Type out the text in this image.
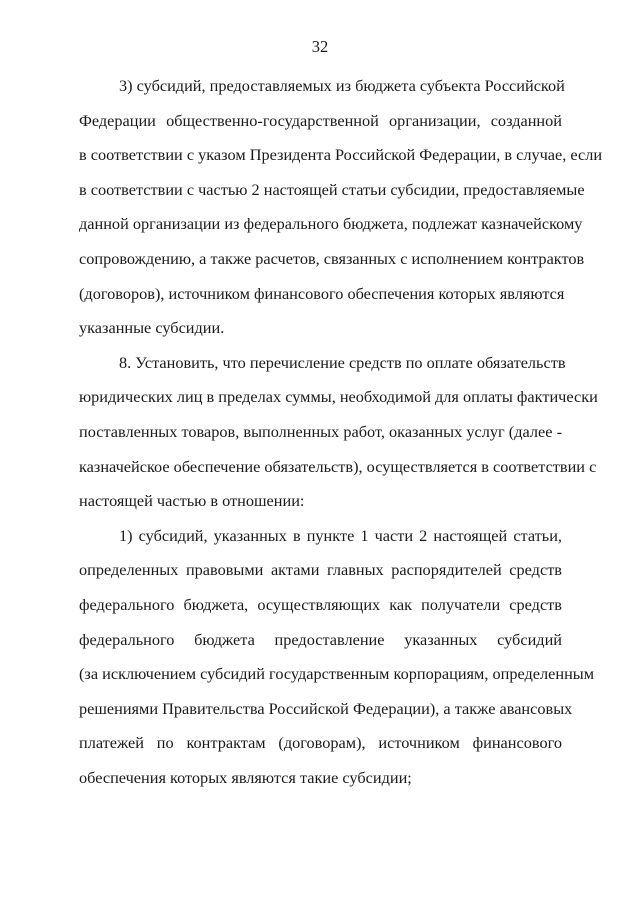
32
3) субсидий, предоставляемых из бюджета субъекта Российской
Федерации общественно-государственной организации, созданной
в соответствии с указом Президента Российской Федерации, в случае, если
в соответствии с частью 2 настоящей статьи субсидии, предоставляемые
данной организации из федерального бюджета, подлежат казначейскому
сопровождению, а также расчетов, связанных с исполнением контрактов
(договоров), источником финансового обеспечения которых являются
указанные субсидии.
8. Установить, что перечисление средств по оплате обязательств
юридических лиц в пределах суммы, необходимой для оплаты фактически
поставленных товаров, выполненных работ, оказанных услуг (далее -
казначейское обеспечение обязательств), осуществляется в соответствии с
настоящей частью в отношении:
1) субсидий, указанных в пункте 1 части 2 настоящей статьи,
определенных правовыми актами главных распорядителей средств
федерального бюджета, осуществляющих как получатели средств
федерального бюджета предоставление указанных субсидий
(за исключением субсидий государственным корпорациям, определенным
решениями Правительства Российской Федерации), а также авансовых
платежей по контрактам (договорам), источником финансового
обеспечения которых являются такие субсидии;
